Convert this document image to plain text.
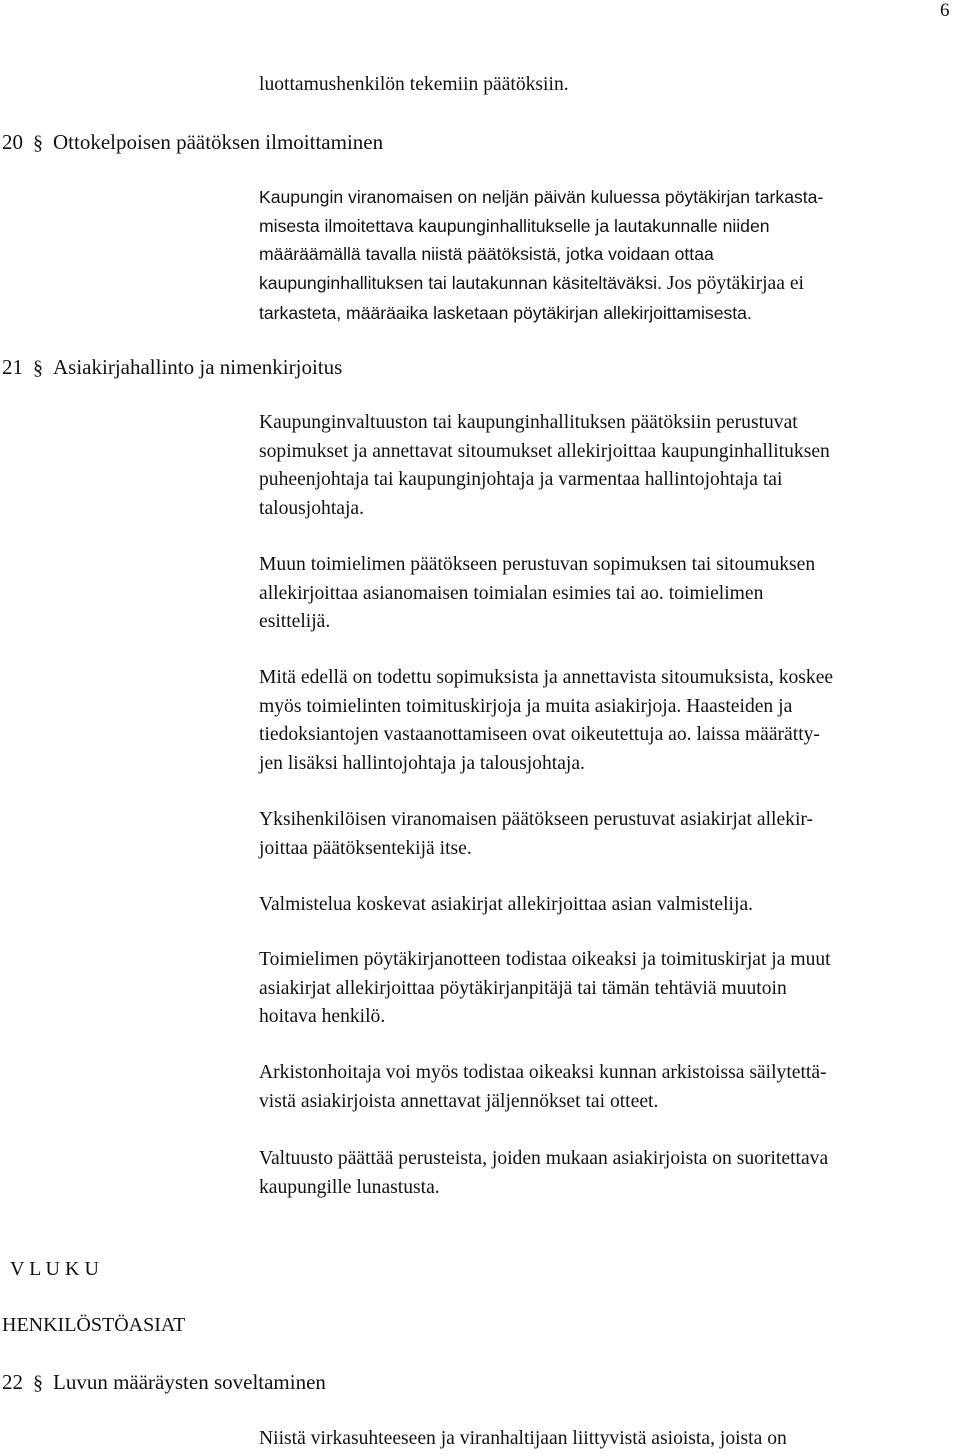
6

luottamushenkilön tekemiin päätöksiin.

20 § Ottokelpoisen päätöksen ilmoittaminen

Kaupungin viranomaisen on neljän päivän kuluessa pöytäkirjan tarkasta-
misesta ilmoitettava kaupunginhallitukselle ja lautakunnalle niiden
määräämällä tavalla niistä päätöksistä, jotka voidaan ottaa
kaupunginhallituksen tai lautakunnan käsiteltäväksi. Jos pöytäkirjaa ei
tarkasteta, määräaika lasketaan pöytäkirjan allekirjoittamisesta.

21 § Asiakirjahallinto ja nimenkirjoitus

Kaupunginvaltuuston tai kaupunginhallituksen päätöksiin perustuvat
sopimukset ja annettavat sitoumukset allekirjoittaa kaupunginhallituksen
puheenjohtaja tai kaupunginjohtaja ja varmentaa hallintojohtaja tai
talousjohtaja.

Muun toimielimen päätökseen perustuvan sopimuksen tai sitoumuksen
allekirjoittaa asianomaisen toimialan esimies tai ao. toimielimen
esittelijä.

Mitä edellä on todettu sopimuksista ja annettavista sitoumuksista, koskee
myös toimielinten toimituskirjoja ja muita asiakirjoja. Haasteiden ja
tiedoksiantojen vastaanottamiseen ovat oikeutettuja ao. laissa määrätty-
jen lisäksi hallintojohtaja ja talousjohtaja.

Yksihenkilöisen viranomaisen päätökseen perustuvat asiakirjat allekir-
joittaa päätöksentekijä itse.

Valmistelua koskevat asiakirjat allekirjoittaa asian valmistelija.

Toimielimen pöytäkirjanotteen todistaa oikeaksi ja toimituskirjat ja muut
asiakirjat allekirjoittaa pöytäkirjanpitäjä tai tämän tehtäviä muutoin
hoitava henkilö.

Arkistonhoitaja voi myös todistaa oikeaksi kunnan arkistoissa säilytettä-
vistä asiakirjoista annettavat jäljennökset tai otteet.

Valtuusto päättää perusteista, joiden mukaan asiakirjoista on suoritettava
kaupungille lunastusta.

V L U K U
HENKILÖSTÖASIAT
22 § Luvun määräysten soveltaminen

Niistä virkasuhteeseen ja viranhaltijaan liittyvistä asioista, joista on
